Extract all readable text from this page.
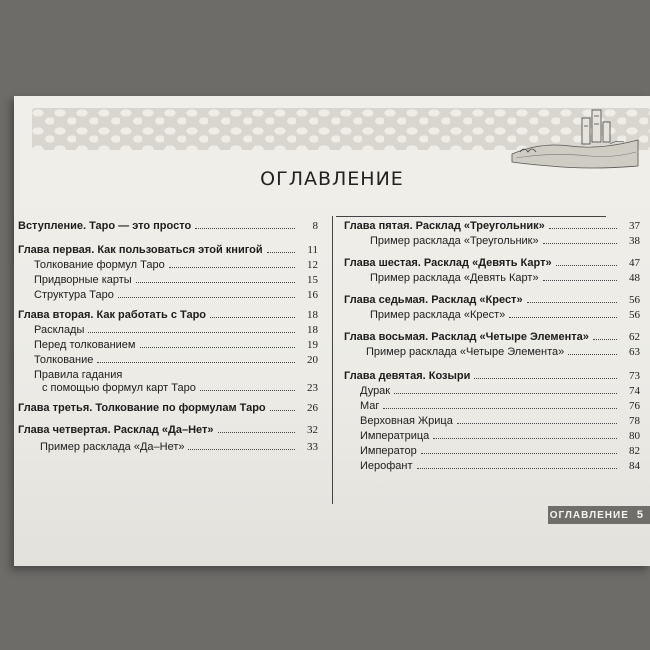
ОГЛАВЛЕНИЕ
Вступление. Таро — это просто	8
Глава первая. Как пользоваться этой книгой	11
Толкование формул Таро	12
Придворные карты	15
Структура Таро	16
Глава вторая. Как работать с Таро	18
Расклады	18
Перед толкованием	19
Толкование	20
Правила гадания
с помощью формул карт Таро	23
Глава третья. Толкование по формулам Таро	26
Глава четвертая. Расклад «Да–Нет»	32
Пример расклада «Да–Нет»	33
Глава пятая. Расклад «Треугольник»	37
Пример расклада «Треугольник»	38
Глава шестая. Расклад «Девять Карт»	47
Пример расклада «Девять Карт»	48
Глава седьмая. Расклад «Крест»	56
Пример расклада «Крест»	56
Глава восьмая. Расклад «Четыре Элемента»	62
Пример расклада «Четыре Элемента»	63
Глава девятая. Козыри	73
Дурак	74
Маг	76
Верховная Жрица	78
Императрица	80
Император	82
Иерофант	84
ОГЛАВЛЕНИЕ 5
